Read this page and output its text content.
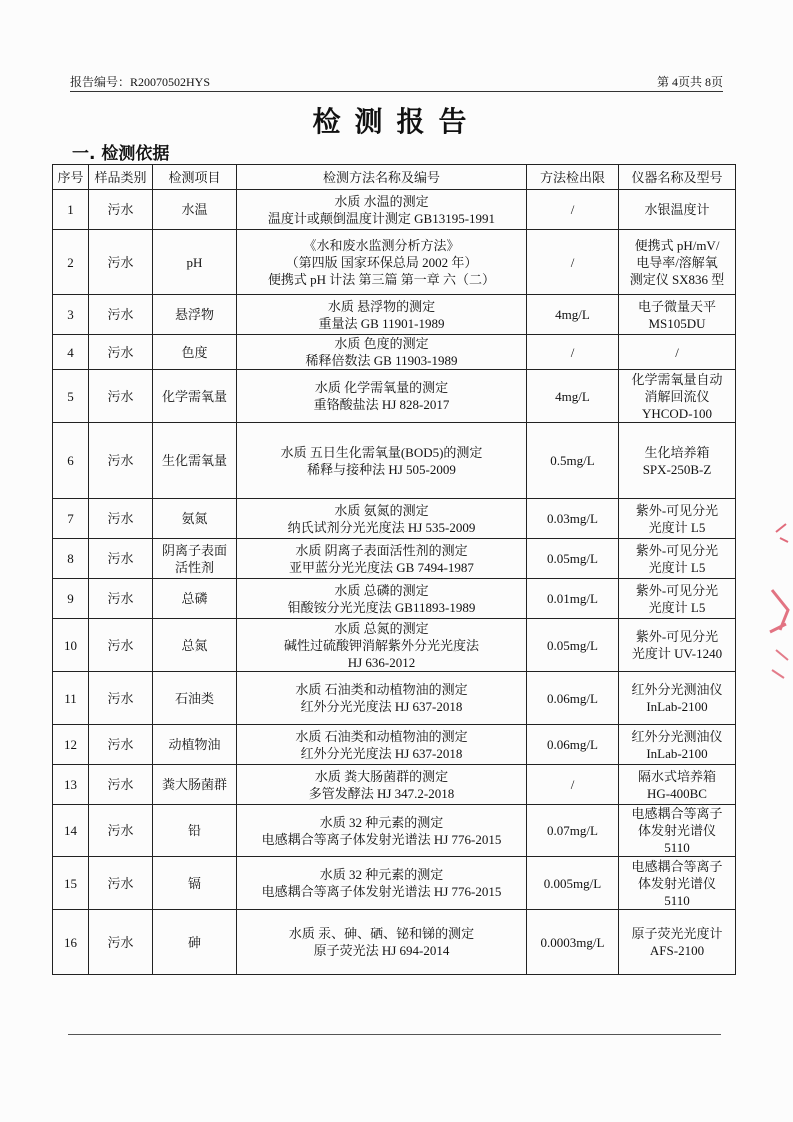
报告编号：R20070502HYS	第 4页共 8页
检测报告
一. 检测依据
序号	样品类别	检测项目	检测方法名称及编号	方法检出限	仪器名称及型号
1	污水	水温	水质 水温的测定
温度计或颠倒温度计测定 GB13195-1991	/	水银温度计

2	污水	pH	《水和废水监测分析方法》
（第四版 国家环保总局 2002 年）
便携式 pH 计法 第三篇 第一章 六（二）	/	便携式 pH/mV/
电导率/溶解氧
测定仪 SX836 型

3	污水	悬浮物	水质 悬浮物的测定
重量法 GB 11901-1989	4mg/L	电子微量天平
MS105DU

4	污水	色度	水质 色度的测定
稀释倍数法 GB 11903-1989	/	/

5	污水	化学需氧量	水质 化学需氧量的测定
重铬酸盐法 HJ 828-2017	4mg/L	化学需氧量自动
消解回流仪
YHCOD-100

6	污水	生化需氧量	水质 五日生化需氧量(BOD5)的测定
稀释与接种法 HJ 505-2009	0.5mg/L	生化培养箱
SPX-250B-Z

7	污水	氨氮	水质 氨氮的测定
纳氏试剂分光光度法 HJ 535-2009	0.03mg/L	紫外-可见分光
光度计 L5

8	污水	阴离子表面
活性剂	水质 阴离子表面活性剂的测定
亚甲蓝分光光度法 GB 7494-1987	0.05mg/L	紫外-可见分光
光度计 L5

9	污水	总磷	水质 总磷的测定
钼酸铵分光光度法 GB11893-1989	0.01mg/L	紫外-可见分光
光度计 L5

10	污水	总氮	水质 总氮的测定
碱性过硫酸钾消解紫外分光光度法
HJ 636-2012	0.05mg/L	紫外-可见分光
光度计 UV-1240

11	污水	石油类	水质 石油类和动植物油的测定
红外分光光度法 HJ 637-2018	0.06mg/L	红外分光测油仪
InLab-2100

12	污水	动植物油	水质 石油类和动植物油的测定
红外分光光度法 HJ 637-2018	0.06mg/L	红外分光测油仪
InLab-2100

13	污水	粪大肠菌群	水质 粪大肠菌群的测定
多管发酵法 HJ 347.2-2018	/	隔水式培养箱
HG-400BC

14	污水	铅	水质 32 种元素的测定
电感耦合等离子体发射光谱法 HJ 776-2015	0.07mg/L	电感耦合等离子
体发射光谱仪
5110

15	污水	镉	水质 32 种元素的测定
电感耦合等离子体发射光谱法 HJ 776-2015	0.005mg/L	电感耦合等离子
体发射光谱仪
5110

16	污水	砷	水质 汞、砷、硒、铋和锑的测定
原子荧光法 HJ 694-2014	0.0003mg/L	原子荧光光度计
AFS-2100
